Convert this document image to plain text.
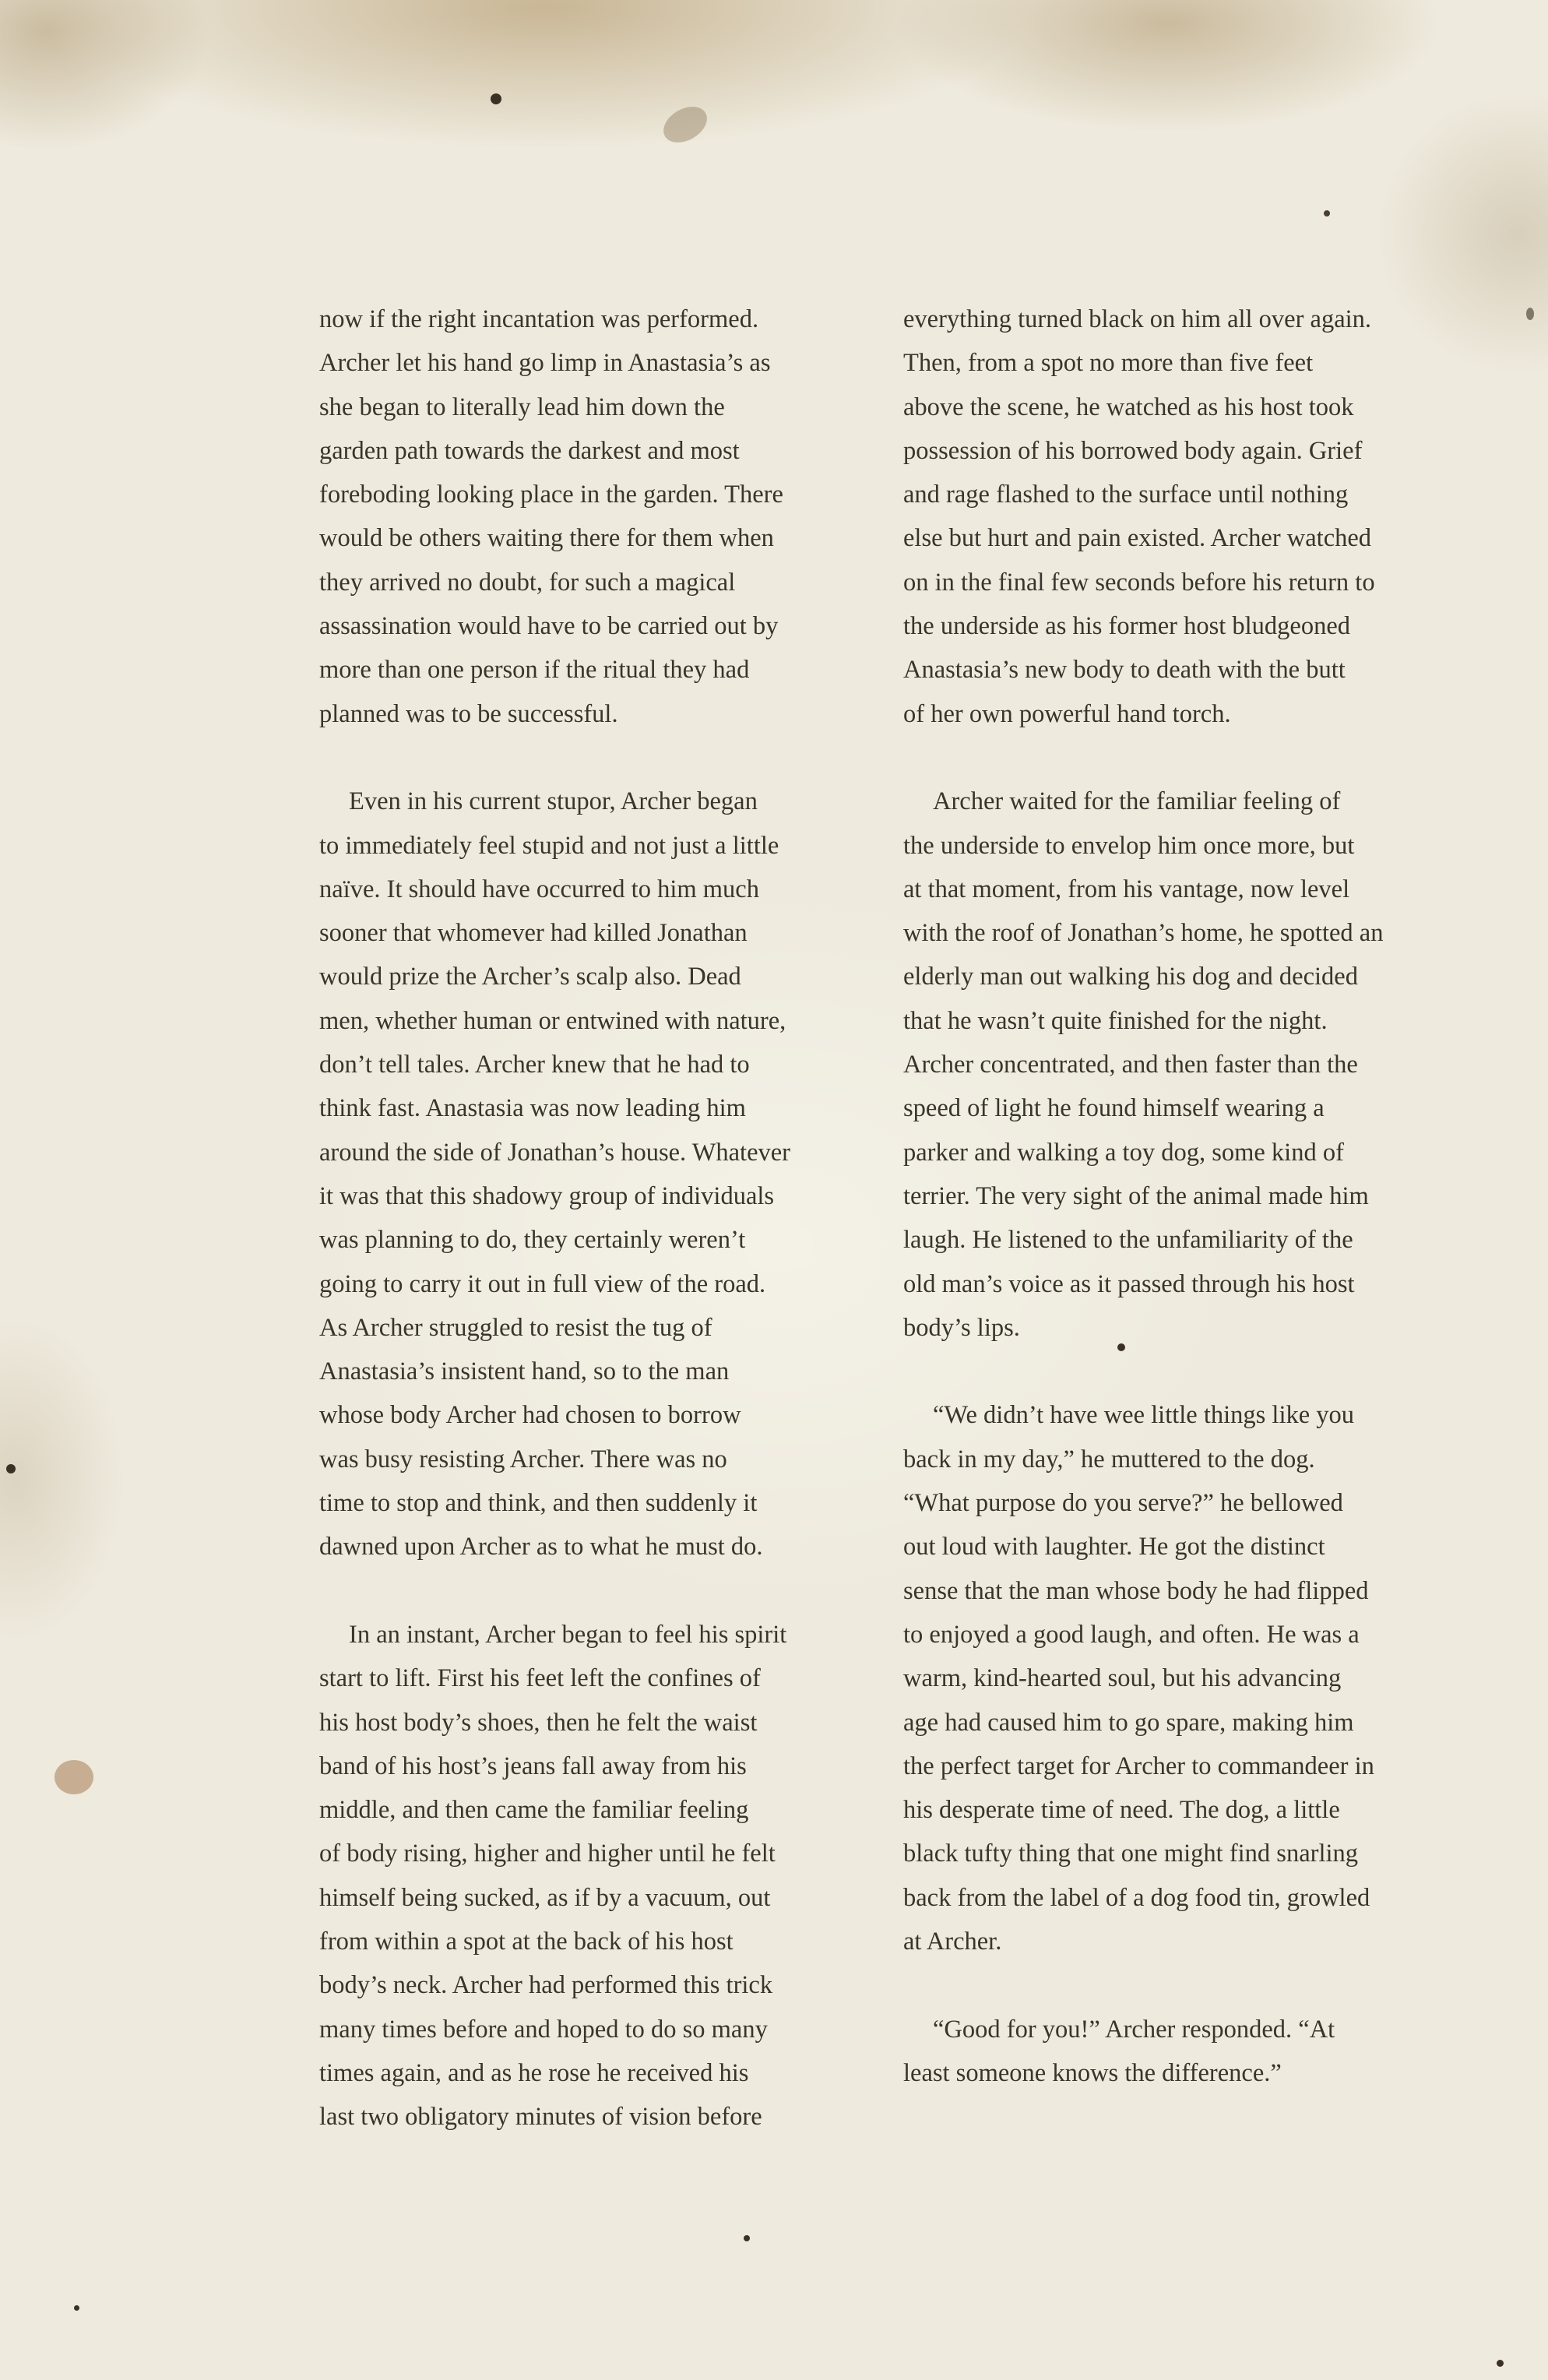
now if the right incantation was performed.
Archer let his hand go limp in Anastasia’s as
she began to literally lead him down the
garden path towards the darkest and most
foreboding looking place in the garden. There
would be others waiting there for them when
they arrived no doubt, for such a magical
assassination would have to be carried out by
more than one person if the ritual they had
planned was to be successful.

Even in his current stupor, Archer began
to immediately feel stupid and not just a little
naïve. It should have occurred to him much
sooner that whomever had killed Jonathan
would prize the Archer’s scalp also. Dead
men, whether human or entwined with nature,
don’t tell tales. Archer knew that he had to
think fast. Anastasia was now leading him
around the side of Jonathan’s house. Whatever
it was that this shadowy group of individuals
was planning to do, they certainly weren’t
going to carry it out in full view of the road.
As Archer struggled to resist the tug of
Anastasia’s insistent hand, so to the man
whose body Archer had chosen to borrow
was busy resisting Archer. There was no
time to stop and think, and then suddenly it
dawned upon Archer as to what he must do.

In an instant, Archer began to feel his spirit
start to lift. First his feet left the confines of
his host body’s shoes, then he felt the waist
band of his host’s jeans fall away from his
middle, and then came the familiar feeling
of body rising, higher and higher until he felt
himself being sucked, as if by a vacuum, out
from within a spot at the back of his host
body’s neck. Archer had performed this trick
many times before and hoped to do so many
times again, and as he rose he received his
last two obligatory minutes of vision before

everything turned black on him all over again.
Then, from a spot no more than five feet
above the scene, he watched as his host took
possession of his borrowed body again. Grief
and rage flashed to the surface until nothing
else but hurt and pain existed. Archer watched
on in the final few seconds before his return to
the underside as his former host bludgeoned
Anastasia’s new body to death with the butt
of her own powerful hand torch.

Archer waited for the familiar feeling of
the underside to envelop him once more, but
at that moment, from his vantage, now level
with the roof of Jonathan’s home, he spotted an
elderly man out walking his dog and decided
that he wasn’t quite finished for the night.
Archer concentrated, and then faster than the
speed of light he found himself wearing a
parker and walking a toy dog, some kind of
terrier. The very sight of the animal made him
laugh. He listened to the unfamiliarity of the
old man’s voice as it passed through his host
body’s lips.

“We didn’t have wee little things like you
back in my day,” he muttered to the dog.
“What purpose do you serve?” he bellowed
out loud with laughter. He got the distinct
sense that the man whose body he had flipped
to enjoyed a good laugh, and often. He was a
warm, kind-hearted soul, but his advancing
age had caused him to go spare, making him
the perfect target for Archer to commandeer in
his desperate time of need. The dog, a little
black tufty thing that one might find snarling
back from the label of a dog food tin, growled
at Archer.

“Good for you!” Archer responded. “At
least someone knows the difference.”
